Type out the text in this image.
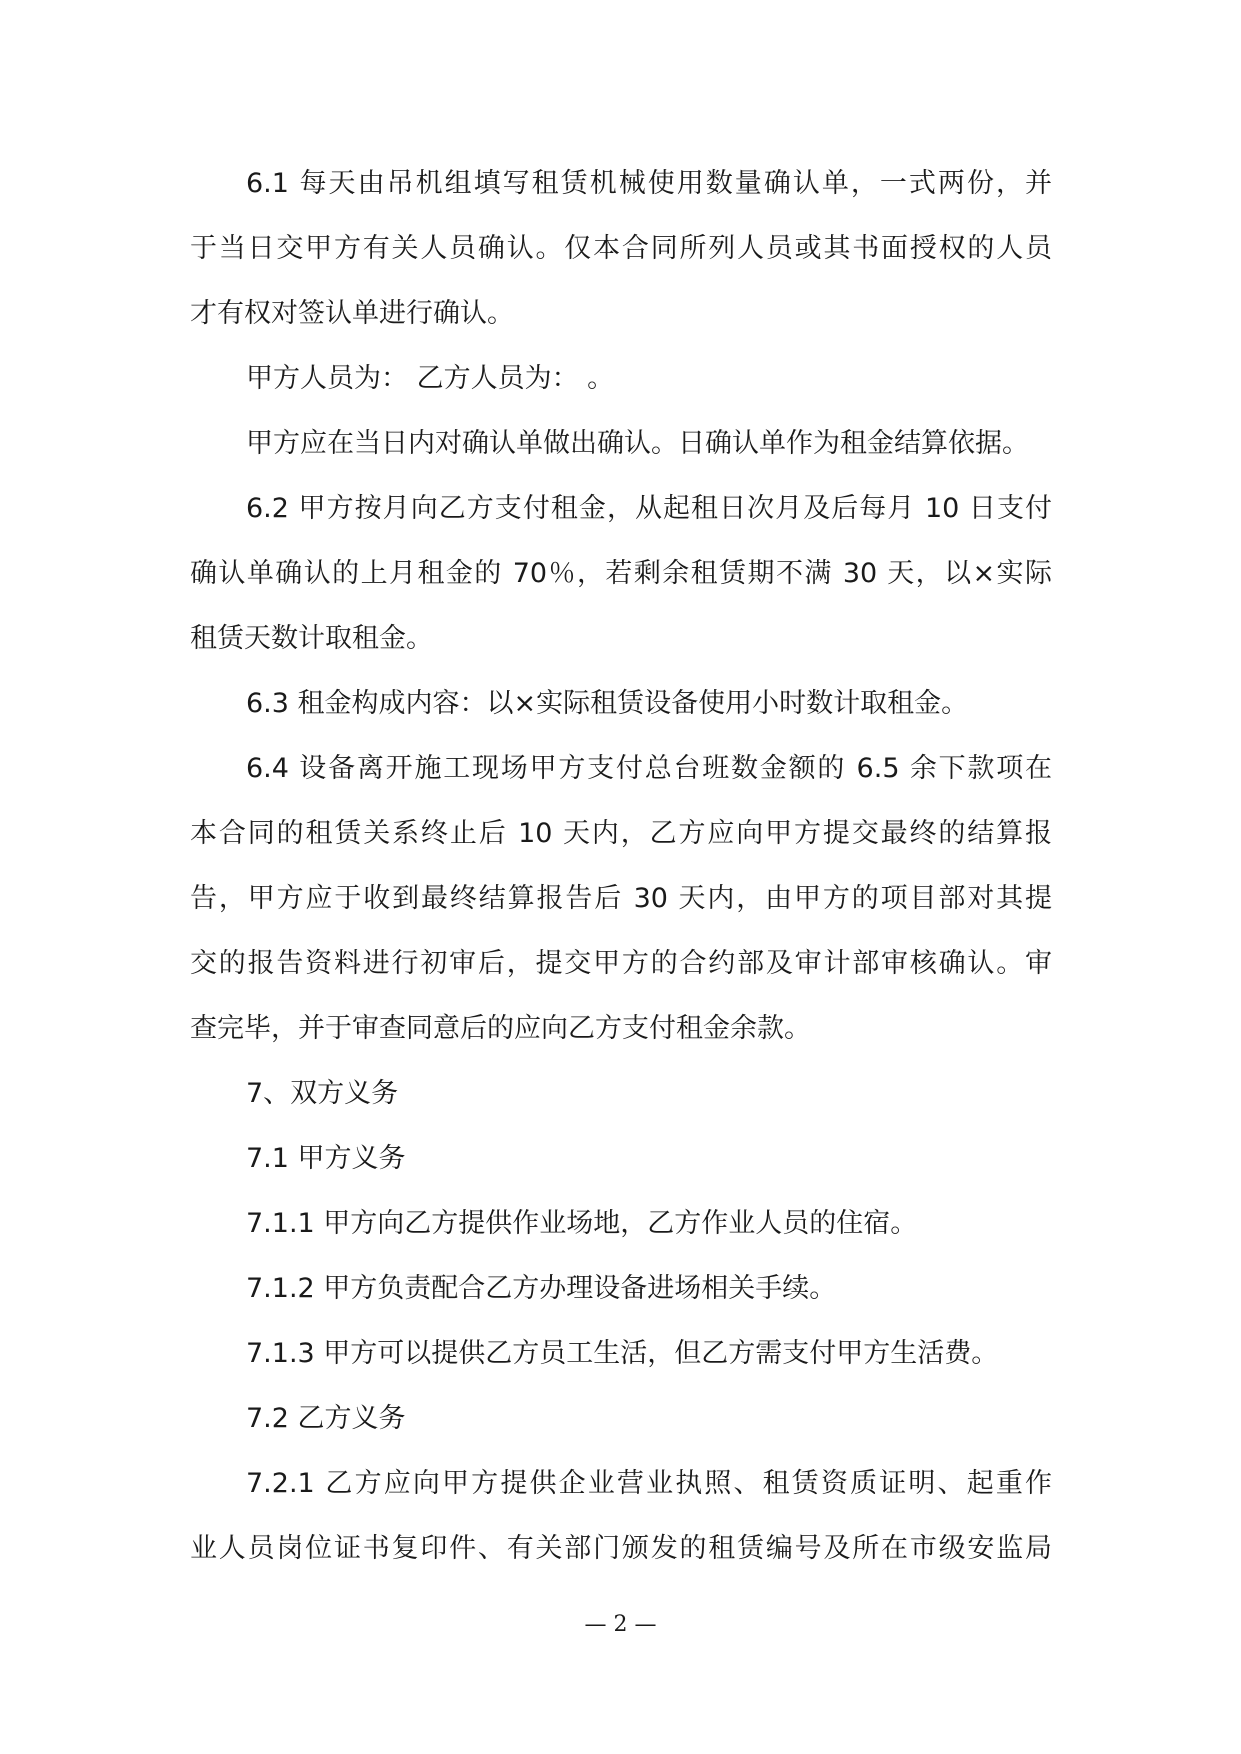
6.1 每天由吊机组填写租赁机械使用数量确认单，一式两份，并
于当日交甲方有关人员确认。仅本合同所列人员或其书面授权的人员
才有权对签认单进行确认。
甲方人员为： 乙方人员为： 。
甲方应在当日内对确认单做出确认。日确认单作为租金结算依据。
6.2 甲方按月向乙方支付租金，从起租日次月及后每月 10 日支付
确认单确认的上月租金的 70％，若剩余租赁期不满 30 天，以×实际
租赁天数计取租金。
6.3 租金构成内容：以×实际租赁设备使用小时数计取租金。
6.4 设备离开施工现场甲方支付总台班数金额的 6.5 余下款项在
本合同的租赁关系终止后 10 天内，乙方应向甲方提交最终的结算报
告，甲方应于收到最终结算报告后 30 天内，由甲方的项目部对其提
交的报告资料进行初审后，提交甲方的合约部及审计部审核确认。审
查完毕，并于审查同意后的应向乙方支付租金余款。
7、双方义务
7.1 甲方义务
7.1.1 甲方向乙方提供作业场地，乙方作业人员的住宿。
7.1.2 甲方负责配合乙方办理设备进场相关手续。
7.1.3 甲方可以提供乙方员工生活，但乙方需支付甲方生活费。
7.2 乙方义务
7.2.1 乙方应向甲方提供企业营业执照、租赁资质证明、起重作
业人员岗位证书复印件、有关部门颁发的租赁编号及所在市级安监局
— 2 —
